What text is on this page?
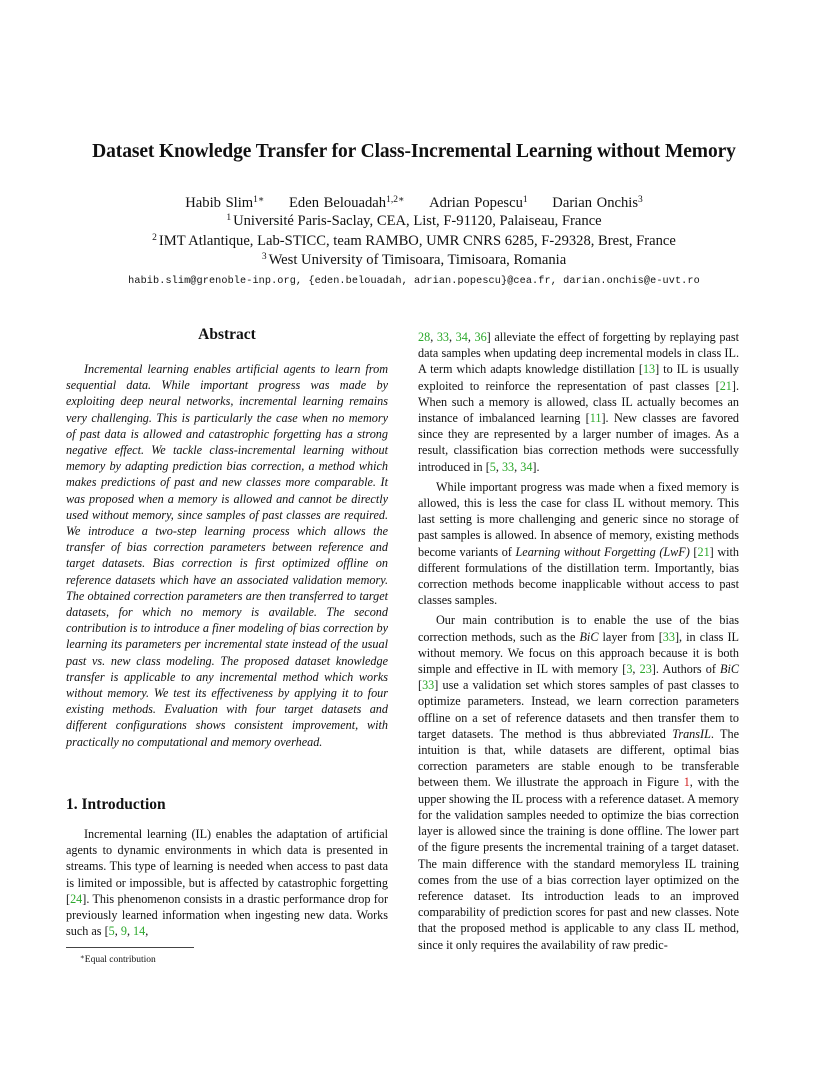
Dataset Knowledge Transfer for Class-Incremental Learning without Memory
Habib Slim$^{1∗}$ Eden Belouadah$^{1,2∗}$ Adrian Popescu$^1$ Darian Onchis$^3$
$^1$ Université Paris-Saclay, CEA, List, F-91120, Palaiseau, France
$^2$ IMT Atlantique, Lab-STICC, team RAMBO, UMR CNRS 6285, F-29328, Brest, France
$^3$ West University of Timisoara, Timisoara, Romania
habib.slim@grenoble-inp.org, {eden.belouadah, adrian.popescu}@cea.fr, darian.onchis@e-uvt.ro
Abstract

Incremental learning enables artificial agents to learn from sequential data. While important progress was made by exploiting deep neural networks, incremental learning remains very challenging. This is particularly the case when no memory of past data is allowed and catastrophic forgetting has a strong negative effect. We tackle class-incremental learning without memory by adapting prediction bias correction, a method which makes predictions of past and new classes more comparable. It was proposed when a memory is allowed and cannot be directly used without memory, since samples of past classes are required. We introduce a two-step learning process which allows the transfer of bias correction parameters between reference and target datasets. Bias correction is first optimized offline on reference datasets which have an associated validation memory. The obtained correction parameters are then transferred to target datasets, for which no memory is available. The second contribution is to introduce a finer modeling of bias correction by learning its parameters per incremental state instead of the usual past vs. new class modeling. The proposed dataset knowledge transfer is applicable to any incremental method which works without memory. We test its effectiveness by applying it to four existing methods. Evaluation with four target datasets and different configurations shows consistent improvement, with practically no computational and memory overhead.

1. Introduction

Incremental learning (IL) enables the adaptation of artificial agents to dynamic environments in which data is presented in streams. This type of learning is needed when access to past data is limited or impossible, but is affected by catastrophic forgetting [24]. This phenomenon consists in a drastic performance drop for previously learned information when ingesting new data. Works such as [5, 9, 14,

28, 33, 34, 36] alleviate the effect of forgetting by replaying past data samples when updating deep incremental models in class IL. A term which adapts knowledge distillation [13] to IL is usually exploited to reinforce the representation of past classes [21]. When such a memory is allowed, class IL actually becomes an instance of imbalanced learning [11]. New classes are favored since they are represented by a larger number of images. As a result, classification bias correction methods were successfully introduced in [5, 33, 34].

While important progress was made when a fixed memory is allowed, this is less the case for class IL without memory. This last setting is more challenging and generic since no storage of past samples is allowed. In absence of memory, existing methods become variants of Learning without Forgetting (LwF) [21] with different formulations of the distillation term. Importantly, bias correction methods become inapplicable without access to past classes samples.

Our main contribution is to enable the use of the bias correction methods, such as the BiC layer from [33], in class IL without memory. We focus on this approach because it is both simple and effective in IL with memory [3, 23]. Authors of BiC [33] use a validation set which stores samples of past classes to optimize parameters. Instead, we learn correction parameters offline on a set of reference datasets and then transfer them to target datasets. The method is thus abbreviated TransIL. The intuition is that, while datasets are different, optimal bias correction parameters are stable enough to be transferable between them. We illustrate the approach in Figure 1, with the upper showing the IL process with a reference dataset. A memory for the validation samples needed to optimize the bias correction layer is allowed since the training is done offline. The lower part of the figure presents the incremental training of a target dataset. The main difference with the standard memoryless IL training comes from the use of a bias correction layer optimized on the reference dataset. Its introduction leads to an improved comparability of prediction scores for past and new classes. Note that the proposed method is applicable to any class IL method, since it only requires the availability of raw predic-

∗Equal contribution
